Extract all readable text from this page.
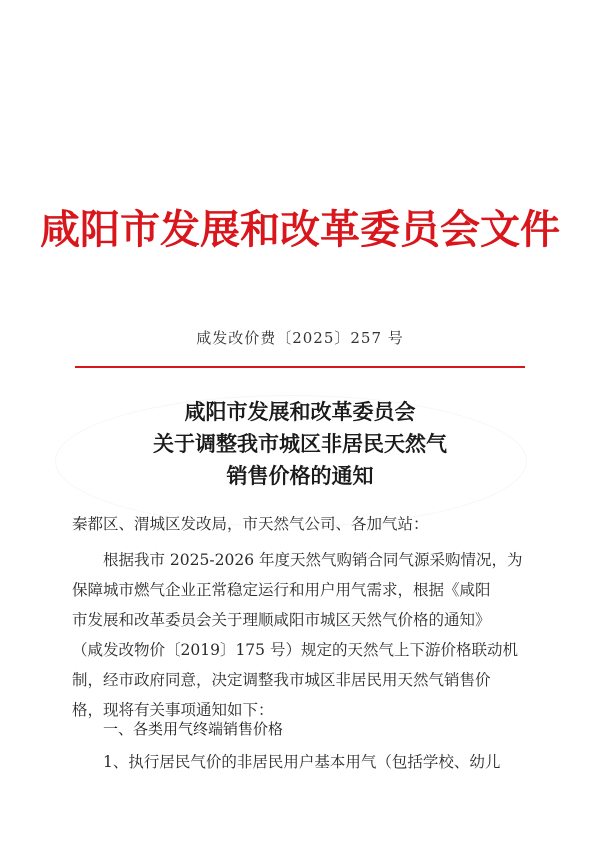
咸阳市发展和改革委员会文件
咸发改价费〔2025〕257 号
咸阳市发展和改革委员会
关于调整我市城区非居民天然气
销售价格的通知
秦都区、渭城区发改局，市天然气公司、各加气站：
根据我市 2025-2026 年度天然气购销合同气源采购情况，为
保障城市燃气企业正常稳定运行和用户用气需求，根据《咸阳
市发展和改革委员会关于理顺咸阳市城区天然气价格的通知》
（咸发改物价〔2019〕175 号）规定的天然气上下游价格联动机
制，经市政府同意，决定调整我市城区非居民用天然气销售价
格，现将有关事项通知如下：
一、各类用气终端销售价格
1、执行居民气价的非居民用户基本用气（包括学校、幼儿
